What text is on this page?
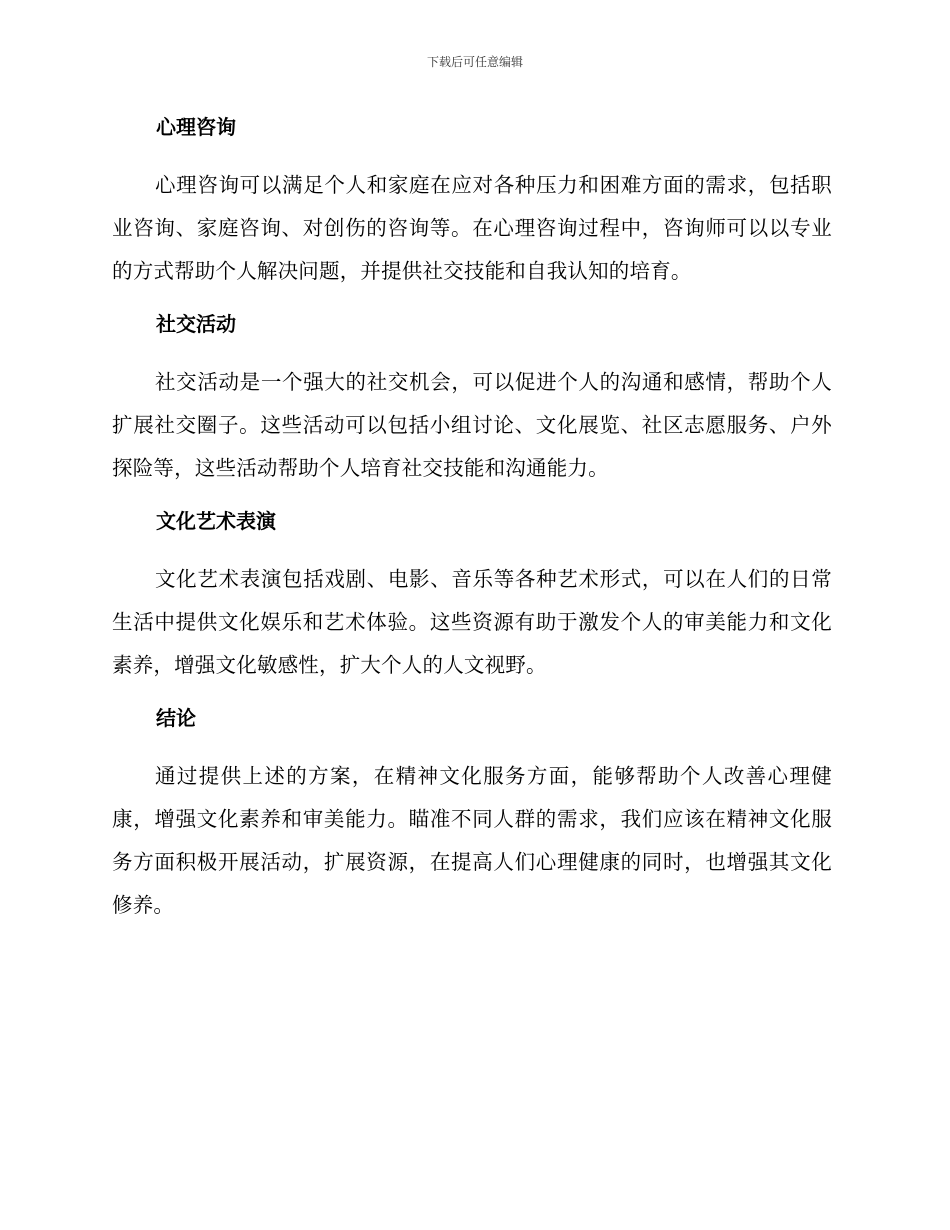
下载后可任意编辑
心理咨询

心理咨询可以满足个人和家庭在应对各种压力和困难方面的需求，包括职业咨询、家庭咨询、对创伤的咨询等。在心理咨询过程中，咨询师可以以专业的方式帮助个人解决问题，并提供社交技能和自我认知的培育。

社交活动

社交活动是一个强大的社交机会，可以促进个人的沟通和感情，帮助个人扩展社交圈子。这些活动可以包括小组讨论、文化展览、社区志愿服务、户外探险等，这些活动帮助个人培育社交技能和沟通能力。

文化艺术表演

文化艺术表演包括戏剧、电影、音乐等各种艺术形式，可以在人们的日常生活中提供文化娱乐和艺术体验。这些资源有助于激发个人的审美能力和文化素养，增强文化敏感性，扩大个人的人文视野。

结论

通过提供上述的方案，在精神文化服务方面，能够帮助个人改善心理健康，增强文化素养和审美能力。瞄准不同人群的需求，我们应该在精神文化服务方面积极开展活动，扩展资源，在提高人们心理健康的同时，也增强其文化修养。
